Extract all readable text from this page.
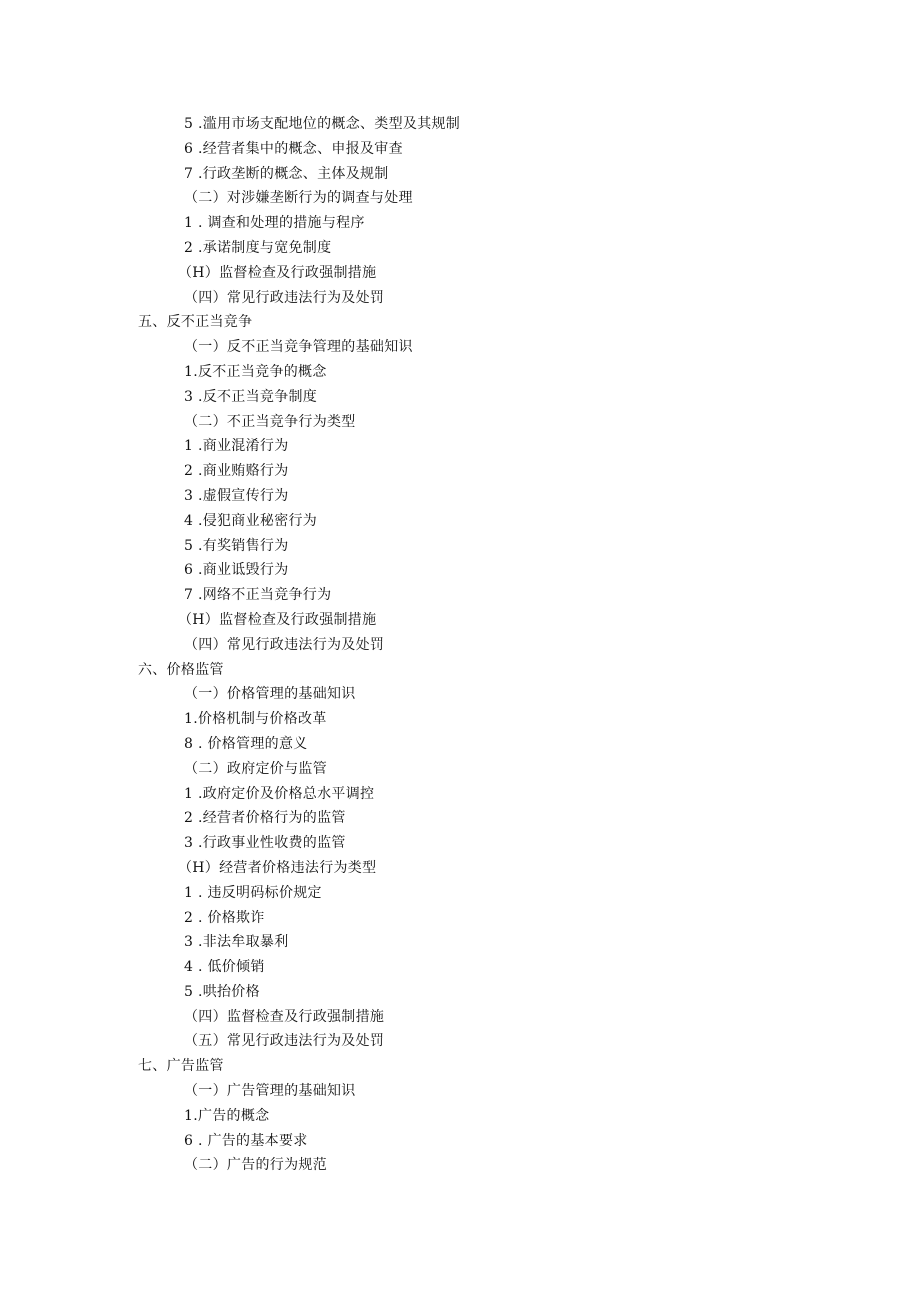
5 .滥用市场支配地位的概念、类型及其规制
6 .经营者集中的概念、申报及审查
7 .行政垄断的概念、主体及规制
（二）对涉嫌垄断行为的调查与处理
1 . 调查和处理的措施与程序
2 .承诺制度与宽免制度
（H）监督检查及行政强制措施
（四）常见行政违法行为及处罚
五、反不正当竞争
（一）反不正当竞争管理的基础知识
1.反不正当竞争的概念
3 .反不正当竞争制度
（二）不正当竞争行为类型
1 .商业混淆行为
2 .商业贿赂行为
3 .虚假宣传行为
4 .侵犯商业秘密行为
5 .有奖销售行为
6 .商业诋毁行为
7 .网络不正当竞争行为
（H）监督检查及行政强制措施
（四）常见行政违法行为及处罚
六、价格监管
（一）价格管理的基础知识
1.价格机制与价格改革
8 . 价格管理的意义
（二）政府定价与监管
1 .政府定价及价格总水平调控
2 .经营者价格行为的监管
3 .行政事业性收费的监管
（H）经营者价格违法行为类型
1 . 违反明码标价规定
2 . 价格欺诈
3 .非法牟取暴利
4 . 低价倾销
5 .哄抬价格
（四）监督检查及行政强制措施
（五）常见行政违法行为及处罚
七、广告监管
（一）广告管理的基础知识
1.广告的概念
6 . 广告的基本要求
（二）广告的行为规范
